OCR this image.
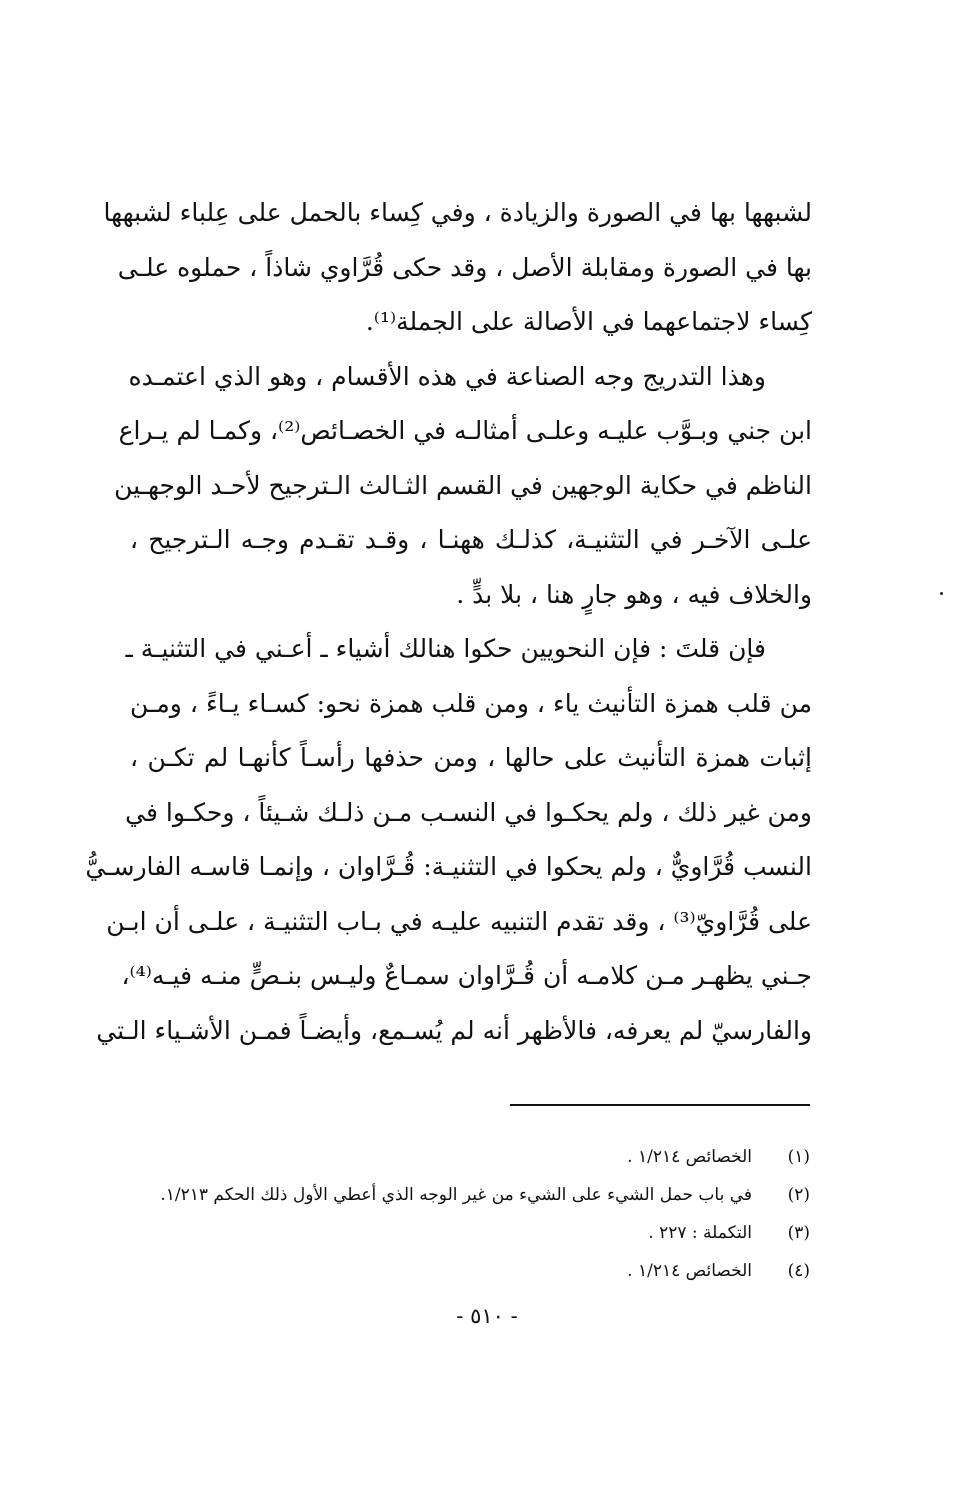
لشبهها بها في الصورة والزيادة ، وفي كِساء بالحمل على عِلباء لشبهها
بها في الصورة ومقابلة الأصل ، وقد حكى قُرَّاوي شاذاً ، حملوه علـى
كِساء لاجتماعهما في الأصالة على الجملة⁽¹⁾.
وهذا التدريج وجه الصناعة في هذه الأقسام ، وهو الذي اعتمـده
ابن جني وبـوَّب عليـه وعلـى أمثالـه في الخصـائص⁽²⁾، وكمـا لم يـراع
الناظم في حكاية الوجهين في القسم الثـالث الـترجيح لأحـد الوجهـين
علـى الآخـر في التثنيـة، كذلـك ههنـا ، وقـد تقـدم وجـه الـترجيح ،
والخلاف فيه ، وهو جارٍ هنا ، بلا بدٍّ .
فإن قلتَ : فإن النحويين حكوا هنالك أشياء ـ أعـني في التثنيـة ـ
من قلب همزة التأنيث ياء ، ومن قلب همزة نحو: كسـاء يـاءً ، ومـن
إثبات همزة التأنيث على حالها ، ومن حذفها رأسـاً كأنهـا لم تكـن ،
ومن غير ذلك ، ولم يحكـوا في النسـب مـن ذلـك شـيئاً ، وحكـوا في
النسب قُرَّاويٌّ ، ولم يحكوا في التثنيـة: قُـرَّاوان ، وإنمـا قاسـه الفارسـيُّ
على قُرَّاويّ⁽³⁾ ، وقد تقدم التنبيه عليـه في بـاب التثنيـة ، علـى أن ابـن
جـني يظهـر مـن كلامـه أن قُـرَّاوان سمـاعٌ وليـس بنـصٍّ منـه فيـه⁽⁴⁾،
والفارسيّ لم يعرفه، فالأظهر أنه لم يُسـمع، وأيضـاً فمـن الأشـياء الـتي
(١)
الخصائص ١/٢١٤ .
(٢)
في باب حمل الشيء على الشيء من غير الوجه الذي أعطي الأول ذلك الحكم ١/٢١٣.
(٣)
التكملة : ٢٢٧ .
(٤)
الخصائص ١/٢١٤ .
- ٥١٠ -
